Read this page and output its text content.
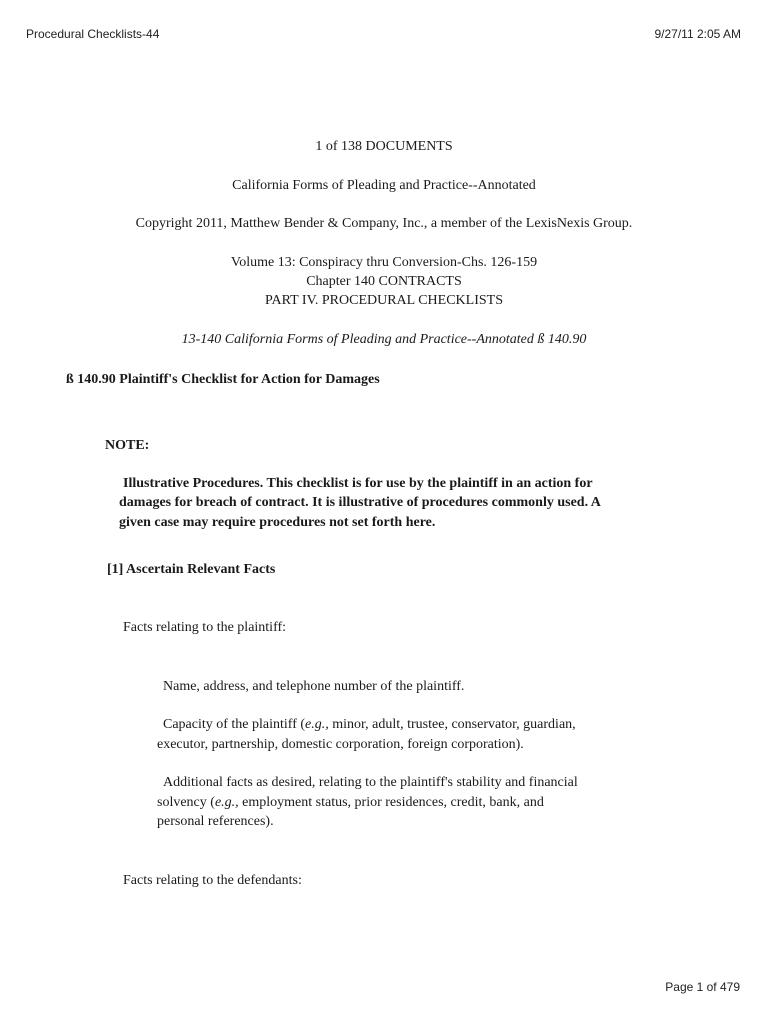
Procedural Checklists-44	9/27/11 2:05 AM

1 of 138 DOCUMENTS

California Forms of Pleading and Practice--Annotated

Copyright 2011, Matthew Bender & Company, Inc., a member of the LexisNexis Group.

Volume 13: Conspiracy thru Conversion-Chs. 126-159

Chapter 140 CONTRACTS

PART IV. PROCEDURAL CHECKLISTS

13-140 California Forms of Pleading and Practice--Annotated ß 140.90

ß 140.90 Plaintiff's Checklist for Action for Damages

NOTE:

Illustrative Procedures. This checklist is for use by the plaintiff in an action for

damages for breach of contract. It is illustrative of procedures commonly used. A

given case may require procedures not set forth here.

[1] Ascertain Relevant Facts

Facts relating to the plaintiff:

Name, address, and telephone number of the plaintiff.

Capacity of the plaintiff (e.g., minor, adult, trustee, conservator, guardian,

executor, partnership, domestic corporation, foreign corporation).

Additional facts as desired, relating to the plaintiff's stability and financial

solvency (e.g., employment status, prior residences, credit, bank, and

personal references).

Facts relating to the defendants:

Page 1 of 479
